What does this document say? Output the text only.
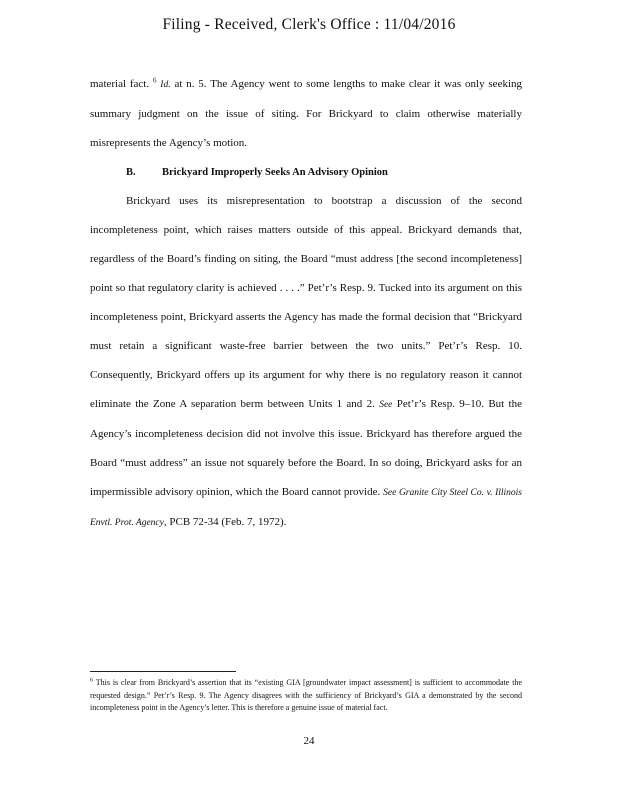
Filing - Received, Clerk's Office : 11/04/2016

material fact. $^6$ Id. at n. 5. The Agency went to some lengths to make clear it was only seeking summary judgment on the issue of siting. For Brickyard to claim otherwise materially misrepresents the Agency’s motion.

B.	Brickyard Improperly Seeks An Advisory Opinion

Brickyard uses its misrepresentation to bootstrap a discussion of the second incompleteness point, which raises matters outside of this appeal. Brickyard demands that, regardless of the Board’s finding on siting, the Board “must address [the second incompleteness] point so that regulatory clarity is achieved . . . .” Pet’r’s Resp. 9. Tucked into its argument on this incompleteness point, Brickyard asserts the Agency has made the formal decision that “Brickyard must retain a significant waste-free barrier between the two units.” Pet’r’s Resp. 10. Consequently, Brickyard offers up its argument for why there is no regulatory reason it cannot eliminate the Zone A separation berm between Units 1 and 2. See Pet’r’s Resp. 9–10. But the Agency’s incompleteness decision did not involve this issue. Brickyard has therefore argued the Board “must address” an issue not squarely before the Board. In so doing, Brickyard asks for an impermissible advisory opinion, which the Board cannot provide. See Granite City Steel Co. v. Illinois Envtl. Prot. Agency, PCB 72-34 (Feb. 7, 1972).

$^6$ This is clear from Brickyard’s assertion that its “existing GIA [groundwater impact assessment] is sufficient to accommodate the requested design.” Pet’r’s Resp. 9. The Agency disagrees with the sufficiency of Brickyard’s GIA a demonstrated by the second incompleteness point in the Agency’s letter. This is therefore a genuine issue of material fact.
24
